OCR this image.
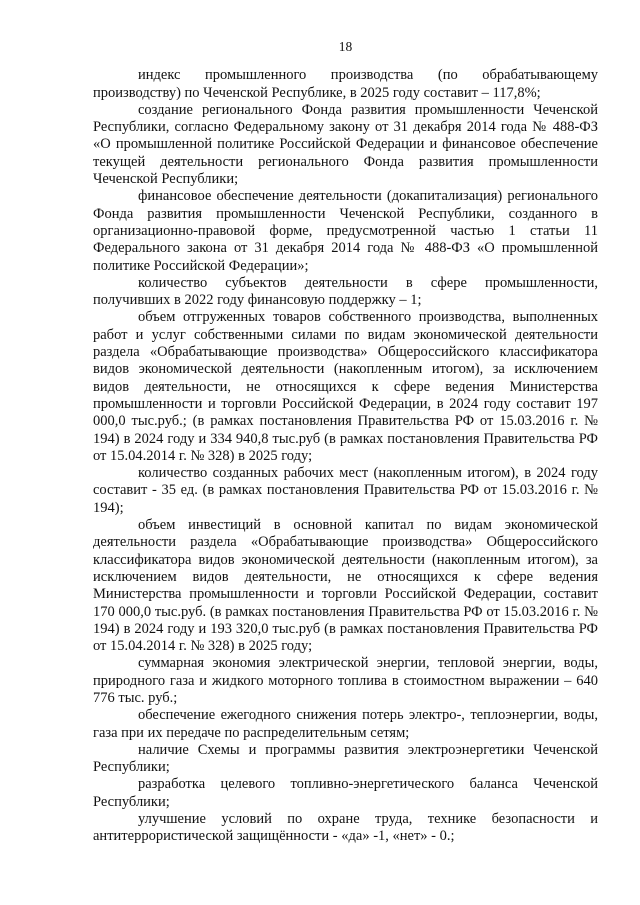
18

индекс промышленного производства (по обрабатывающему производству) по Чеченской Республике, в 2025 году составит – 117,8%;

создание регионального Фонда развития промышленности Чеченской Республики, согласно Федеральному закону от 31 декабря 2014 года № 488-ФЗ «О промышленной политике Российской Федерации и финансовое обеспечение текущей деятельности регионального Фонда развития промышленности Чеченской Республики;

финансовое обеспечение деятельности (докапитализация) регионального Фонда развития промышленности Чеченской Республики, созданного в организационно-правовой форме, предусмотренной частью 1 статьи 11 Федерального закона от 31 декабря 2014 года № 488-ФЗ «О промышленной политике Российской Федерации»;

количество субъектов деятельности в сфере промышленности, получивших в 2022 году финансовую поддержку – 1;

объем отгруженных товаров собственного производства, выполненных работ и услуг собственными силами по видам экономической деятельности раздела «Обрабатывающие производства» Общероссийского классификатора видов экономической деятельности (накопленным итогом), за исключением видов деятельности, не относящихся к сфере ведения Министерства промышленности и торговли Российской Федерации, в 2024 году составит 197 000,0 тыс.руб.; (в рамках постановления Правительства РФ от 15.03.2016 г. № 194) в 2024 году и 334 940,8 тыс.руб (в рамках постановления Правительства РФ от 15.04.2014 г. № 328) в 2025 году;

количество созданных рабочих мест (накопленным итогом), в 2024 году составит - 35 ед. (в рамках постановления Правительства РФ от 15.03.2016 г. № 194);

объем инвестиций в основной капитал по видам экономической деятельности раздела «Обрабатывающие производства» Общероссийского классификатора видов экономической деятельности (накопленным итогом), за исключением видов деятельности, не относящихся к сфере ведения Министерства промышленности и торговли Российской Федерации, составит 170 000,0 тыс.руб. (в рамках постановления Правительства РФ от 15.03.2016 г. № 194) в 2024 году и 193 320,0 тыс.руб (в рамках постановления Правительства РФ от 15.04.2014 г. № 328) в 2025 году;

суммарная экономия электрической энергии, тепловой энергии, воды, природного газа и жидкого моторного топлива в стоимостном выражении – 640 776 тыс. руб.;

обеспечение ежегодного снижения потерь электро-, теплоэнергии, воды, газа при их передаче по распределительным сетям;

наличие Схемы и программы развития электроэнергетики Чеченской Республики;

разработка целевого топливно-энергетического баланса Чеченской Республики;

улучшение условий по охране труда, технике безопасности и антитеррористической защищённости - «да» -1, «нет» - 0.;
